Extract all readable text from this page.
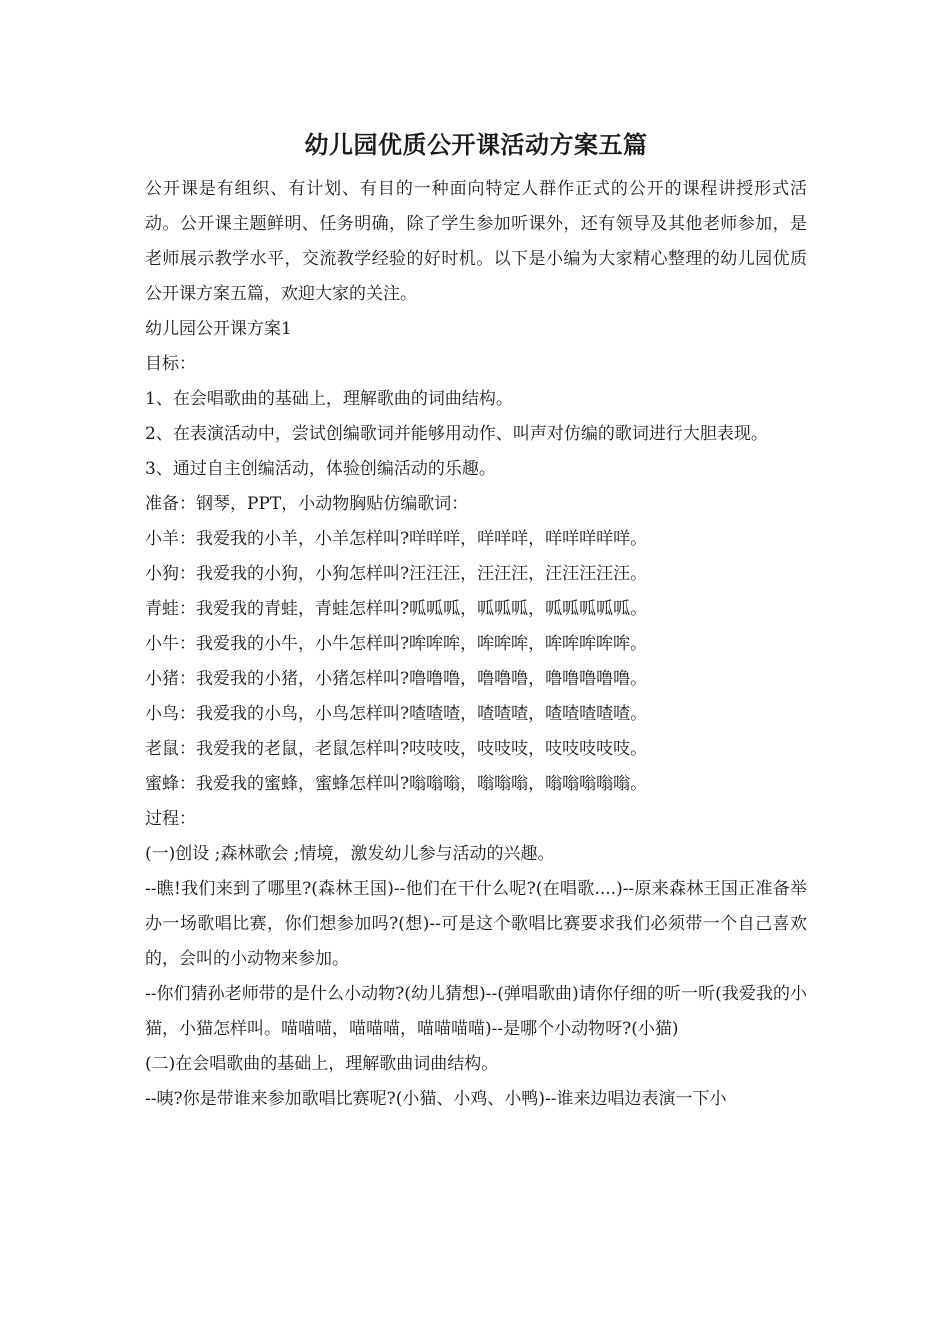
幼儿园优质公开课活动方案五篇

公开课是有组织、有计划、有目的一种面向特定人群作正式的公开的课程讲授形式活动。公开课主题鲜明、任务明确，除了学生参加听课外，还有领导及其他老师参加，是老师展示教学水平，交流教学经验的好时机。以下是小编为大家精心整理的幼儿园优质公开课方案五篇，欢迎大家的关注。

幼儿园公开课方案1

目标：

1、在会唱歌曲的基础上，理解歌曲的词曲结构。

2、在表演活动中，尝试创编歌词并能够用动作、叫声对仿编的歌词进行大胆表现。

3、通过自主创编活动，体验创编活动的乐趣。

准备：钢琴，PPT，小动物胸贴仿编歌词：

小羊：我爱我的小羊，小羊怎样叫?咩咩咩，咩咩咩，咩咩咩咩咩。

小狗：我爱我的小狗，小狗怎样叫?汪汪汪，汪汪汪，汪汪汪汪汪。

青蛙：我爱我的青蛙，青蛙怎样叫?呱呱呱，呱呱呱，呱呱呱呱呱。

小牛：我爱我的小牛，小牛怎样叫?哞哞哞，哞哞哞，哞哞哞哞哞。

小猪：我爱我的小猪，小猪怎样叫?噜噜噜，噜噜噜，噜噜噜噜噜。

小鸟：我爱我的小鸟，小鸟怎样叫?喳喳喳，喳喳喳，喳喳喳喳喳。

老鼠：我爱我的老鼠，老鼠怎样叫?吱吱吱，吱吱吱，吱吱吱吱吱。

蜜蜂：我爱我的蜜蜂，蜜蜂怎样叫?嗡嗡嗡，嗡嗡嗡，嗡嗡嗡嗡嗡。

过程：

(一)创设 ;森林歌会 ;情境，激发幼儿参与活动的兴趣。

--瞧!我们来到了哪里?(森林王国)--他们在干什么呢?(在唱歌....)--原来森林王国正准备举办一场歌唱比赛，你们想参加吗?(想)--可是这个歌唱比赛要求我们必须带一个自己喜欢的，会叫的小动物来参加。

--你们猜孙老师带的是什么小动物?(幼儿猜想)--(弹唱歌曲)请你仔细的听一听(我爱我的小猫，小猫怎样叫。喵喵喵，喵喵喵，喵喵喵喵)--是哪个小动物呀?(小猫)

(二)在会唱歌曲的基础上，理解歌曲词曲结构。

--咦?你是带谁来参加歌唱比赛呢?(小猫、小鸡、小鸭)--谁来边唱边表演一下小
